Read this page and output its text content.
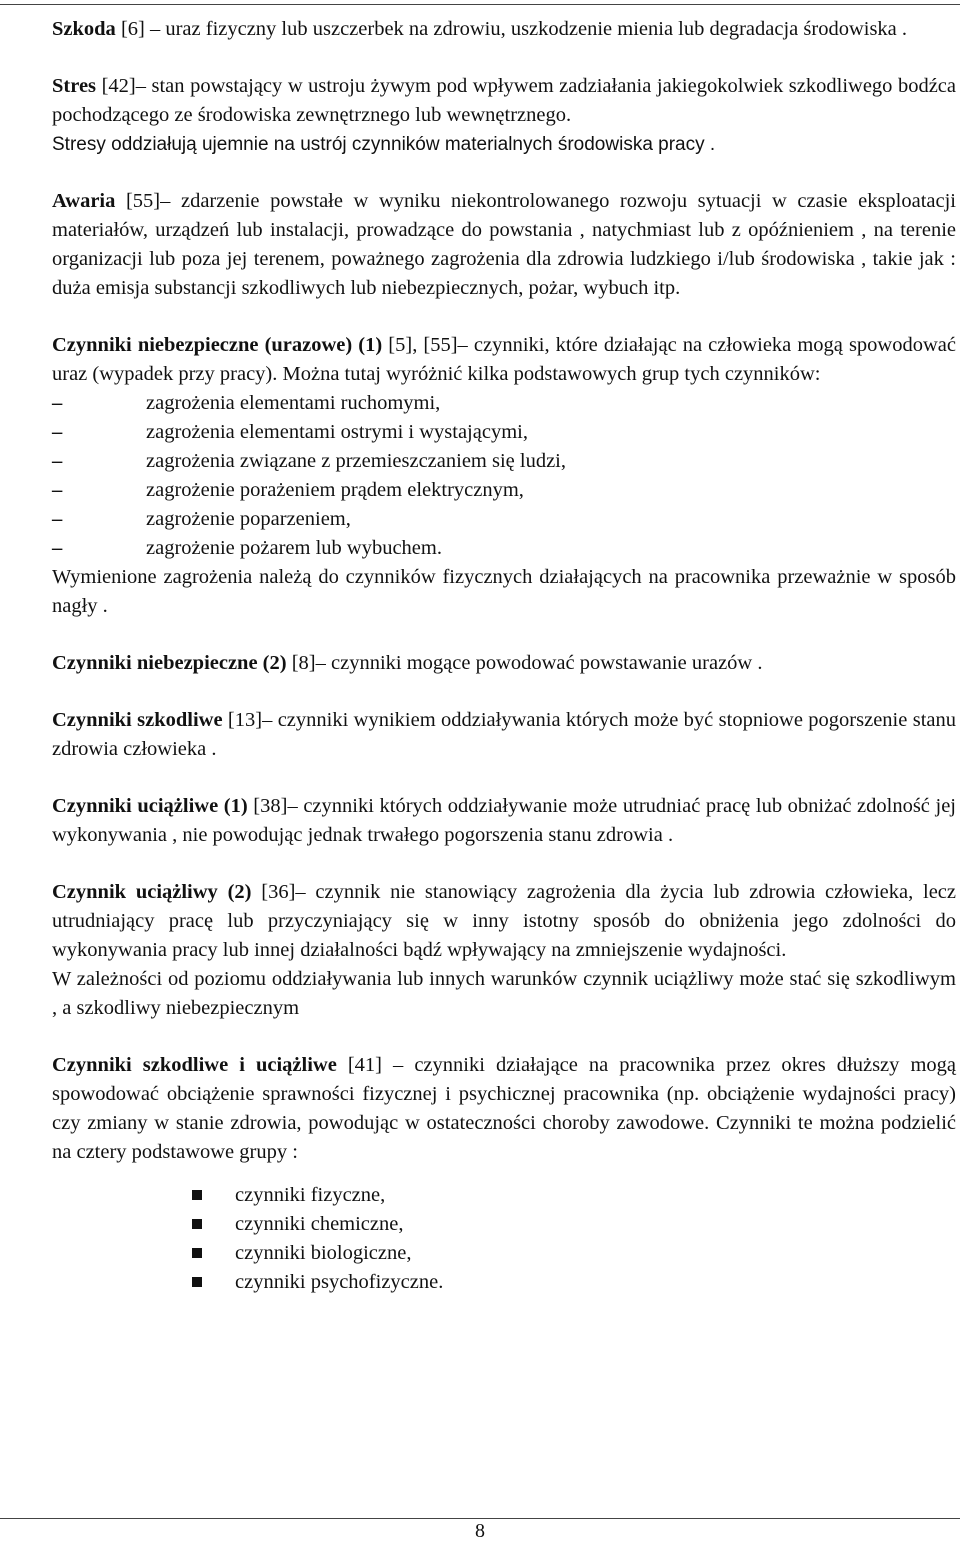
Szkoda [6] – uraz fizyczny lub uszczerbek na zdrowiu, uszkodzenie mienia lub degradacja środowiska .

Stres [42]– stan powstający w ustroju żywym pod wpływem zadziałania jakiegokolwiek szkodliwego bodźca pochodzącego ze środowiska zewnętrznego lub wewnętrznego.

Stresy oddziałują ujemnie na ustrój czynników materialnych środowiska pracy .

Awaria [55]– zdarzenie powstałe w wyniku niekontrolowanego rozwoju sytuacji w czasie eksploatacji materiałów, urządzeń lub instalacji, prowadzące do powstania , natychmiast lub z opóźnieniem , na terenie organizacji lub poza jej terenem, poważnego zagrożenia dla zdrowia ludzkiego i/lub środowiska , takie jak : duża emisja substancji szkodliwych lub niebezpiecznych, pożar, wybuch itp.

Czynniki niebezpieczne (urazowe) (1) [5], [55]– czynniki, które działając na człowieka mogą spowodować uraz (wypadek przy pracy). Można tutaj wyróżnić kilka podstawowych grup tych czynników:

–	zagrożenia elementami ruchomymi,
–	zagrożenia elementami ostrymi i wystającymi,
–	zagrożenia związane z przemieszczaniem się ludzi,
–	zagrożenie porażeniem prądem elektrycznym,
–	zagrożenie poparzeniem,
–	zagrożenie pożarem lub wybuchem.

Wymienione zagrożenia należą do czynników fizycznych działających na pracownika przeważnie w sposób nagły .

Czynniki niebezpieczne (2) [8]– czynniki mogące powodować powstawanie urazów .

Czynniki szkodliwe [13]– czynniki wynikiem oddziaływania których może być stopniowe pogorszenie stanu zdrowia człowieka .

Czynniki uciążliwe (1) [38]– czynniki których oddziaływanie może utrudniać pracę lub obniżać zdolność jej wykonywania , nie powodując jednak trwałego pogorszenia stanu zdrowia .

Czynnik uciążliwy (2) [36]– czynnik nie stanowiący zagrożenia dla życia lub zdrowia człowieka, lecz utrudniający pracę lub przyczyniający się w inny istotny sposób do obniżenia jego zdolności do wykonywania pracy lub innej działalności bądź wpływający na zmniejszenie wydajności.

W zależności od poziomu oddziaływania lub innych warunków czynnik uciążliwy może stać się szkodliwym , a szkodliwy niebezpiecznym

Czynniki szkodliwe i uciążliwe [41] – czynniki działające na pracownika przez okres dłuższy mogą spowodować obciążenie sprawności fizycznej i psychicznej pracownika (np. obciążenie wydajności pracy) czy zmiany w stanie zdrowia, powodując w ostateczności choroby zawodowe. Czynniki te można podzielić na cztery podstawowe grupy :

czynniki fizyczne,
czynniki chemiczne,
czynniki biologiczne,
czynniki psychofizyczne.
8
